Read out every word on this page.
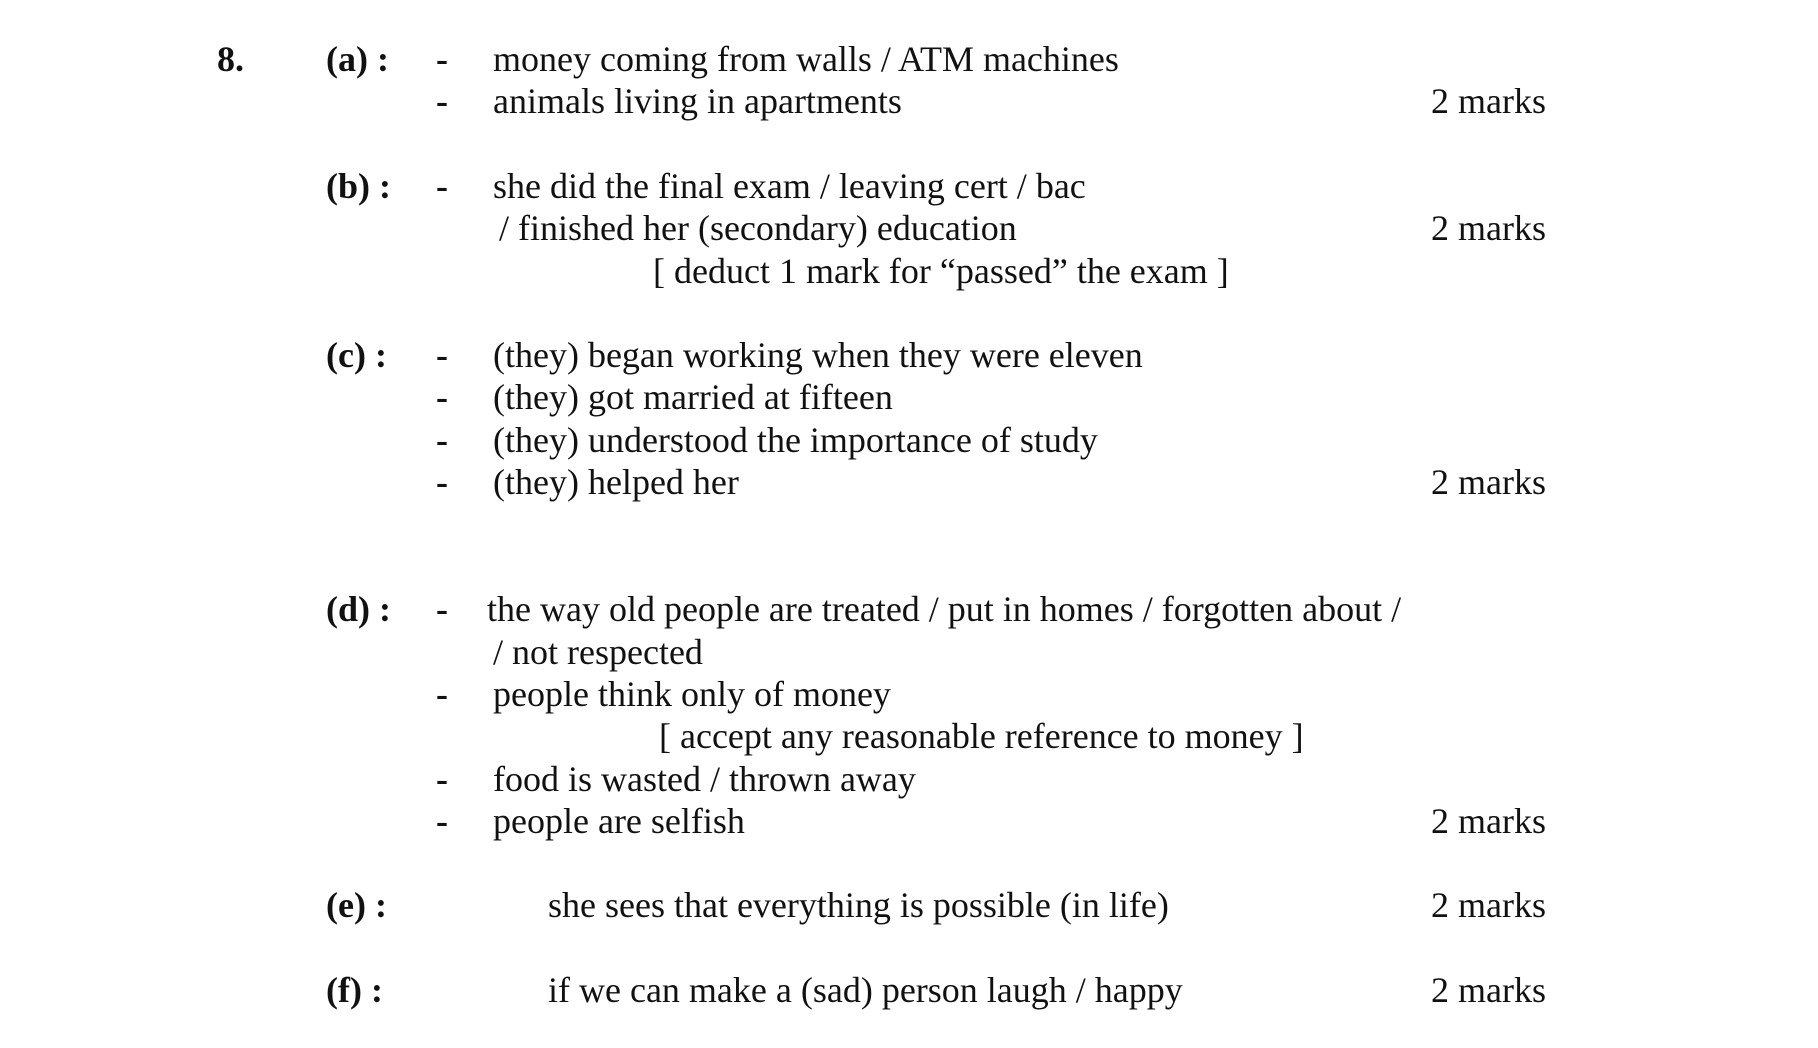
8. (a) : - money coming from walls / ATM machines
- animals living in apartments	2 marks
(b) : - she did the final exam / leaving cert / bac
/ finished her (secondary) education	2 marks
[ deduct 1 mark for “passed” the exam ]
(c) : - (they) began working when they were eleven
- (they) got married at fifteen
- (they) understood the importance of study
- (they) helped her	2 marks
(d) : - the way old people are treated / put in homes / forgotten about /
/ not respected
- people think only of money
[ accept any reasonable reference to money ]
- food is wasted / thrown away
- people are selfish	2 marks
(e) :	she sees that everything is possible (in life)	2 marks
(f) :	if we can make a (sad) person laugh / happy	2 marks
